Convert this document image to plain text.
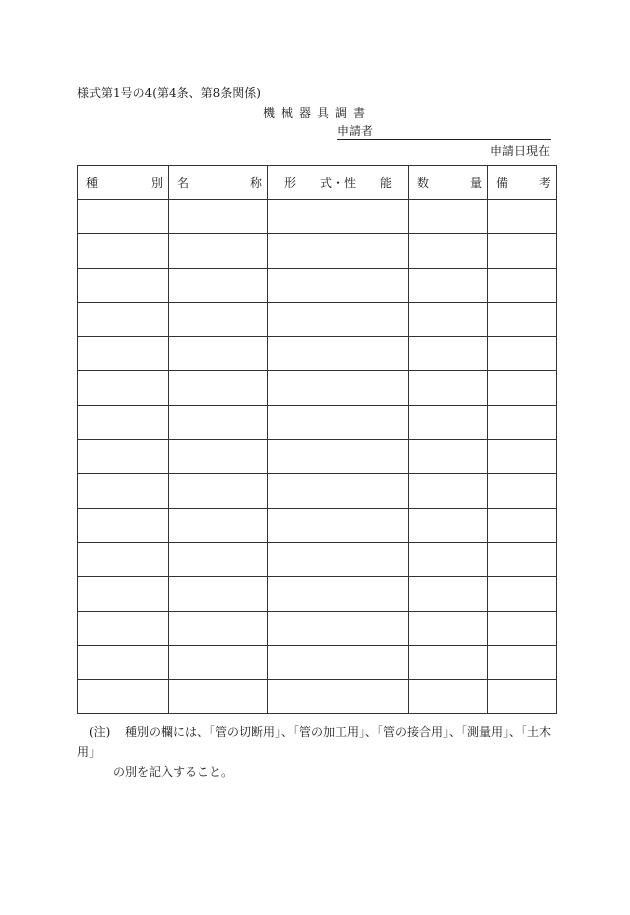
様式第1号の4(第4条、第8条関係)
機械器具調書
申請者
申請日現在
種 別	名 称	形 式・性 能	数 量	備 考

(注) 種別の欄には、「管の切断用」、「管の加工用」、「管の接合用」、「測量用」、「土木用」
の別を記入すること。
